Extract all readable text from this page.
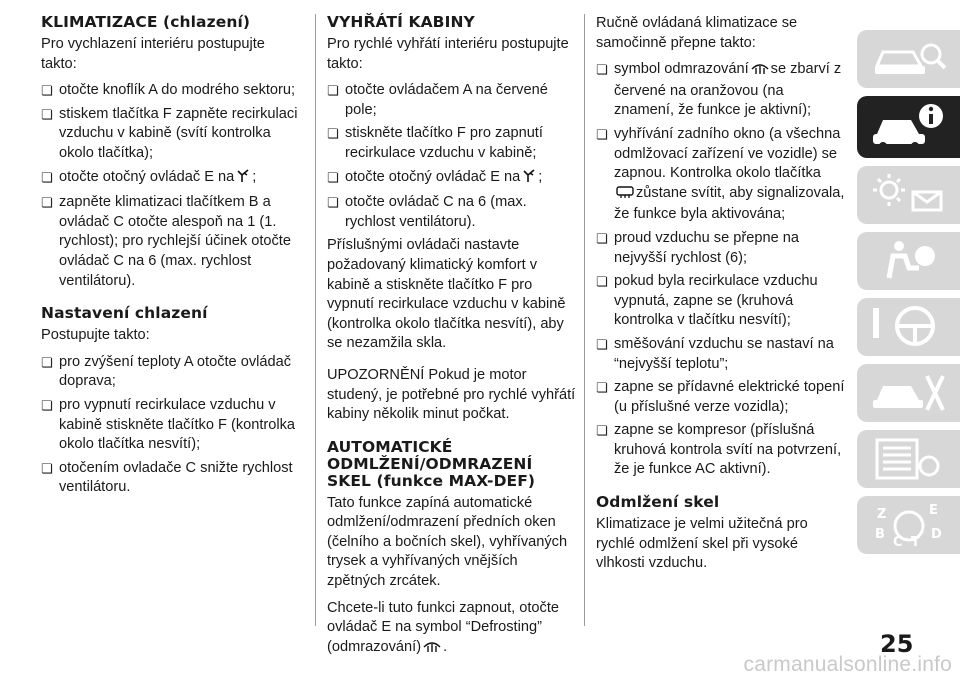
KLIMATIZACE (chlazení)

Pro vychlazení interiéru postupujte takto:

❏ otočte knoflík A do modrého sektoru;
❏ stiskem tlačítka F zapněte recirkulaci vzduchu v kabině (svítí kontrolka okolo tlačítka);
❏ otočte otočný ovládač E na ;
❏ zapněte klimatizaci tlačítkem B a ovládač C otočte alespoň na 1 (1. rychlost); pro rychlejší účinek otočte ovládač C na 6 (max. rychlost ventilátoru).
Nastavení chlazení

Postupujte takto:

❏ pro zvýšení teploty A otočte ovládač doprava;
❏ pro vypnutí recirkulace vzduchu v kabině stiskněte tlačítko F (kontrolka okolo tlačítka nesvítí);
❏ otočením ovladače C snižte rychlost ventilátoru.
VYHŘÁTÍ KABINY

Pro rychlé vyhřátí interiéru postupujte takto:

❏ otočte ovládačem A na červené pole;
❏ stiskněte tlačítko F pro zapnutí recirkulace vzduchu v kabině;
❏ otočte otočný ovládač E na ;
❏ otočte ovládač C na 6 (max. rychlost ventilátoru).

Příslušnými ovládači nastavte požadovaný klimatický komfort v kabině a stiskněte tlačítko F pro vypnutí recirkulace vzduchu v kabině (kontrolka okolo tlačítka nesvítí), aby se nezamžila skla.

UPOZORNĚNÍ Pokud je motor studený, je potřebné pro rychlé vyhřátí kabiny několik minut počkat.

AUTOMATICKÉ ODMLŽENÍ/ODMRAZENÍ SKEL (funkce MAX-DEF)

Tato funkce zapíná automatické odmlžení/odmrazení předních oken (čelního a bočních skel), vyhřívaných trysek a vyhřívaných vnějších zpětných zrcátek.

Chcete-li tuto funkci zapnout, otočte ovládač E na symbol “Defrosting” (odmrazování) .

Ručně ovládaná klimatizace se samočinně přepne takto:

❏ symbol odmrazování se zbarví z červené na oranžovou (na znamení, že funkce je aktivní);
❏ vyhřívání zadního okno (a všechna odmlžovací zařízení ve vozidle) se zapnou. Kontrolka okolo tlačítka zůstane svítit, aby signalizovala, že funkce byla aktivována;
❏ proud vzduchu se přepne na nejvyšší rychlost (6);
❏ pokud byla recirkulace vzduchu vypnutá, zapne se (kruhová kontrolka v tlačítku nesvítí);
❏ směšování vzduchu se nastaví na “nejvyšší teplotu”;
❏ zapne se přídavné elektrické topení (u příslušné verze vozidla);
❏ zapne se kompresor (příslušná kruhová kontrola svítí na potvrzení, že je funkce AC aktivní).
Odmlžení skel

Klimatizace je velmi užitečná pro rychlé odmlžení skel při vysoké vlhkosti vzduchu.

Z	E
B
C T
D
25
carmanualsonline.info
